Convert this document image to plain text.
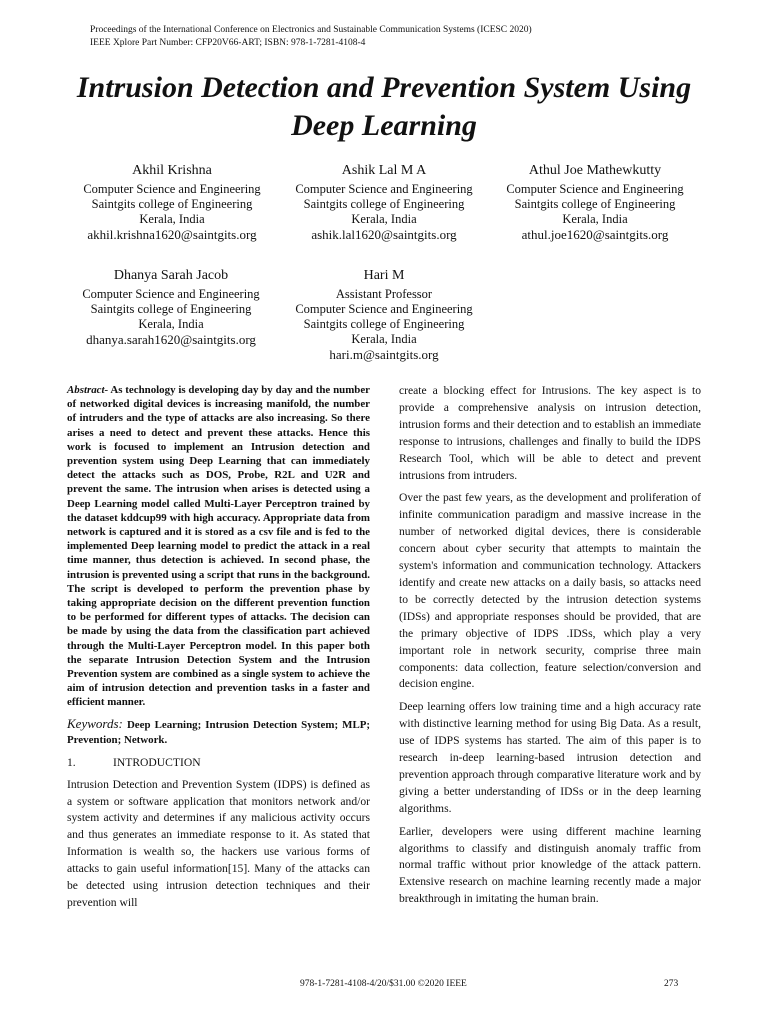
Proceedings of the International Conference on Electronics and Sustainable Communication Systems (ICESC 2020)
IEEE Xplore Part Number: CFP20V66-ART; ISBN: 978-1-7281-4108-4
Intrusion Detection and Prevention System Using
Deep Learning
Akhil Krishna
Computer Science and Engineering
Saintgits college of Engineering
Kerala, India
akhil.krishna1620@saintgits.org
Ashik Lal M A
Computer Science and Engineering
Saintgits college of Engineering
Kerala, India
ashik.lal1620@saintgits.org
Athul Joe Mathewkutty
Computer Science and Engineering
Saintgits college of Engineering
Kerala, India
athul.joe1620@saintgits.org
Dhanya Sarah Jacob
Computer Science and Engineering
Saintgits college of Engineering
Kerala, India
dhanya.sarah1620@saintgits.org
Hari M
Assistant Professor
Computer Science and Engineering
Saintgits college of Engineering
Kerala, India
hari.m@saintgits.org
Abstract- As technology is developing day by day and the number of networked digital devices is increasing manifold, the number of intruders and the type of attacks are also increasing. So there arises a need to detect and prevent these attacks. Hence this work is focused to implement an Intrusion detection and prevention system using Deep Learning that can immediately detect the attacks such as DOS, Probe, R2L and U2R and prevent the same. The intrusion when arises is detected using a Deep Learning model called Multi-Layer Perceptron trained by the dataset kddcup99 with high accuracy. Appropriate data from network is captured and it is stored as a csv file and is fed to the implemented Deep learning model to predict the attack in a real time manner, thus detection is achieved. In second phase, the intrusion is prevented using a script that runs in the background. The script is developed to perform the prevention phase by taking appropriate decision on the different prevention function to be performed for different types of attacks. The decision can be made by using the data from the classification part achieved through the Multi-Layer Perceptron model. In this paper both the separate Intrusion Detection System and the Intrusion Prevention system are combined as a single system to achieve the aim of intrusion detection and prevention tasks in a faster and efficient manner.
Keywords: Deep Learning; Intrusion Detection System; MLP; Prevention; Network.
1.	INTRODUCTION

Intrusion Detection and Prevention System (IDPS) is defined as a system or software application that monitors network and/or system activity and determines if any malicious activity occurs and thus generates an immediate response to it. As stated that Information is wealth so, the hackers use various forms of attacks to gain useful information[15]. Many of the attacks can be detected using intrusion detection techniques and their prevention will

create a blocking effect for Intrusions. The key aspect is to provide a comprehensive analysis on intrusion detection, intrusion forms and their detection and to establish an immediate response to intrusions, challenges and finally to build the IDPS Research Tool, which will be able to detect and prevent intrusions from intruders.

Over the past few years, as the development and proliferation of infinite communication paradigm and massive increase in the number of networked digital devices, there is considerable concern about cyber security that attempts to maintain the system's information and communication technology. Attackers identify and create new attacks on a daily basis, so attacks need to be correctly detected by the intrusion detection systems (IDSs) and appropriate responses should be provided, that are the primary objective of IDPS .IDSs, which play a very important role in network security, comprise three main components: data collection, feature selection/conversion and decision engine.

Deep learning offers low training time and a high accuracy rate with distinctive learning method for using Big Data. As a result, use of IDPS systems has started. The aim of this paper is to research in-deep learning-based intrusion detection and prevention approach through comparative literature work and by giving a better understanding of IDSs or in the deep learning algorithms.

Earlier, developers were using different machine learning algorithms to classify and distinguish anomaly traffic from normal traffic without prior knowledge of the attack pattern. Extensive research on machine learning recently made a major breakthrough in imitating the human brain.

978-1-7281-4108-4/20/$31.00 ©2020 IEEE	273
